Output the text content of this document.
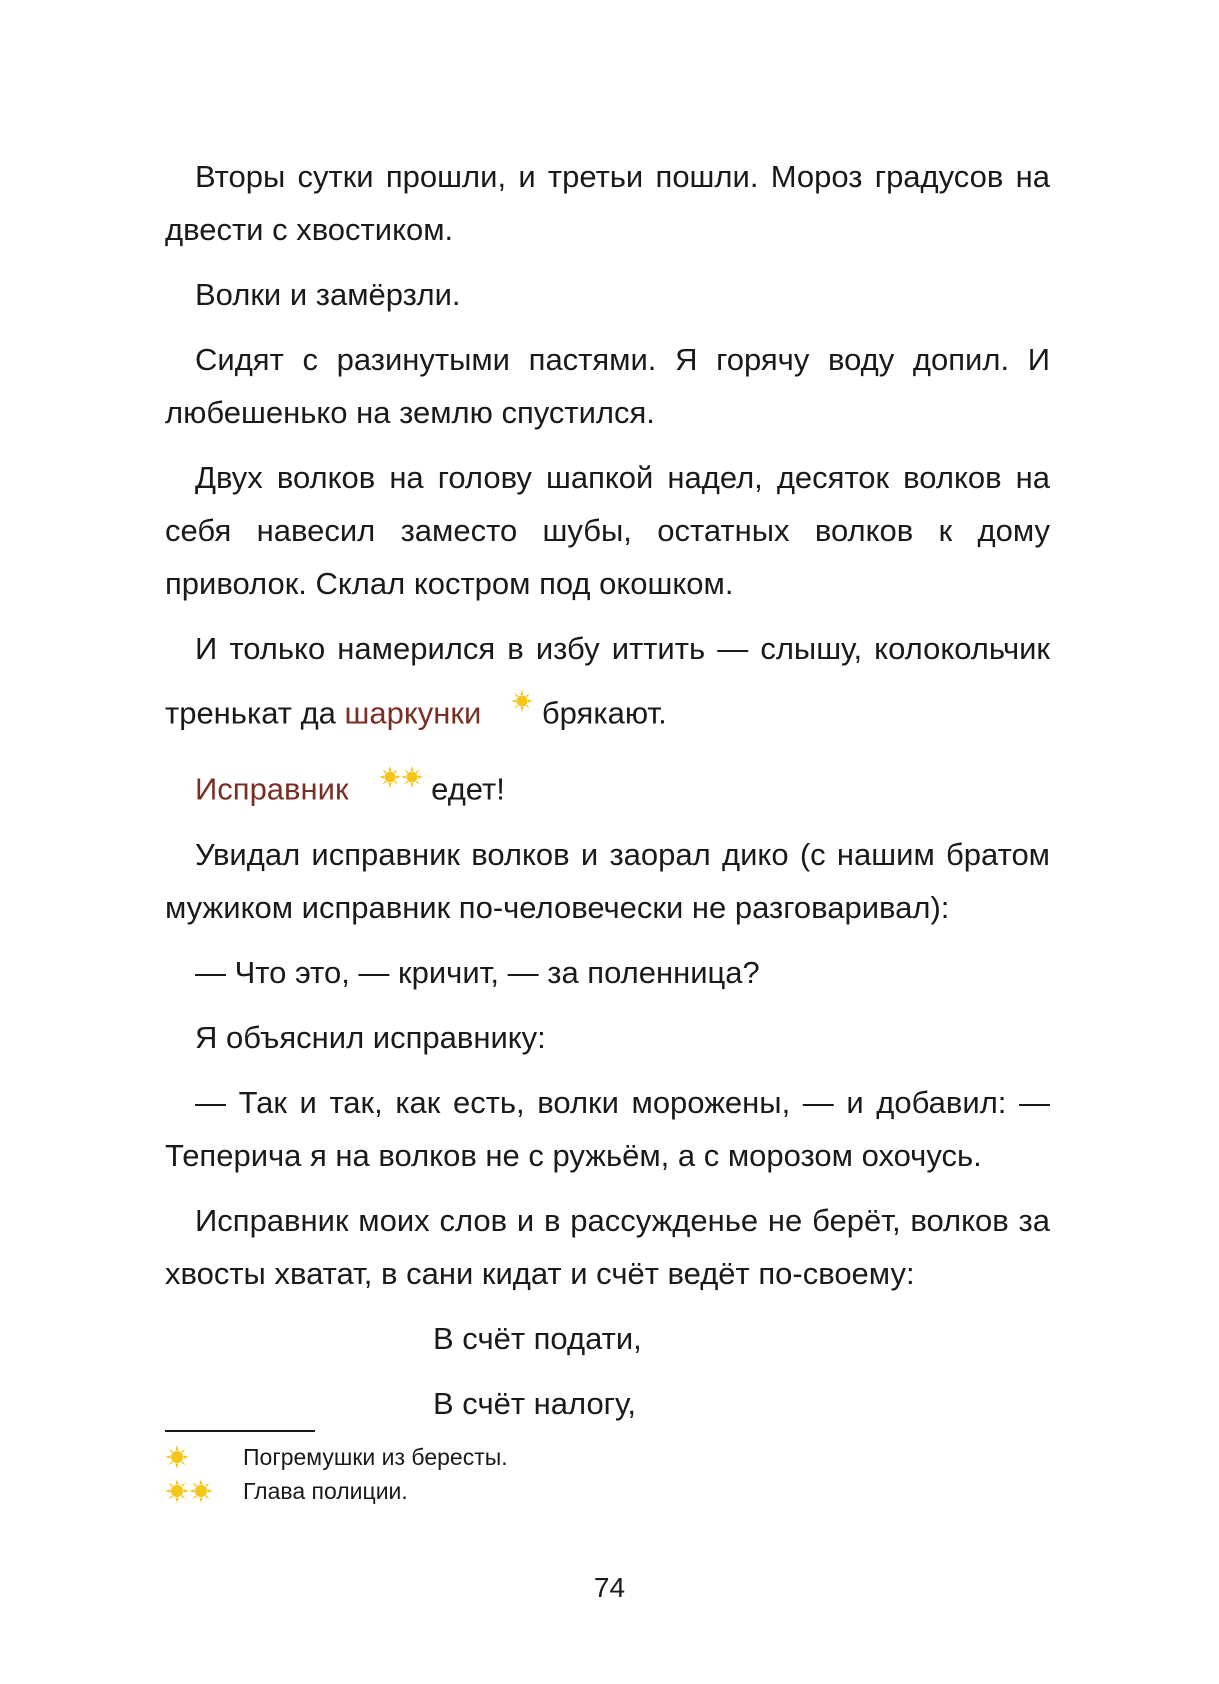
Вторы сутки прошли, и третьи пошли. Мороз градусов на двести с хвостиком.

Волки и замёрзли.

Сидят с разинутыми пастями. Я горячу воду допил. И любешенько на землю спустился.

Двух волков на голову шапкой надел, десяток волков на себя навесил заместо шубы, остатных волков к дому приволок. Склал костром под окошком.

И только намерился в избу иттить — слышу, колокольчик тренькат да шаркунки брякают.

Исправник едет!

Увидал исправник волков и заорал дико (с нашим братом мужиком исправник по-человечески не разговаривал):

— Что это, — кричит, — за поленница?

Я объяснил исправнику:

— Так и так, как есть, волки морожены, — и добавил: — Теперича я на волков не с ружьём, а с морозом охочусь.

Исправник моих слов и в рассужденье не берёт, волков за хвосты хватат, в сани кидат и счёт ведёт по-своему:

В счёт подати,

В счёт налогу,

Погремушки из бересты.
Глава полиции.
74
